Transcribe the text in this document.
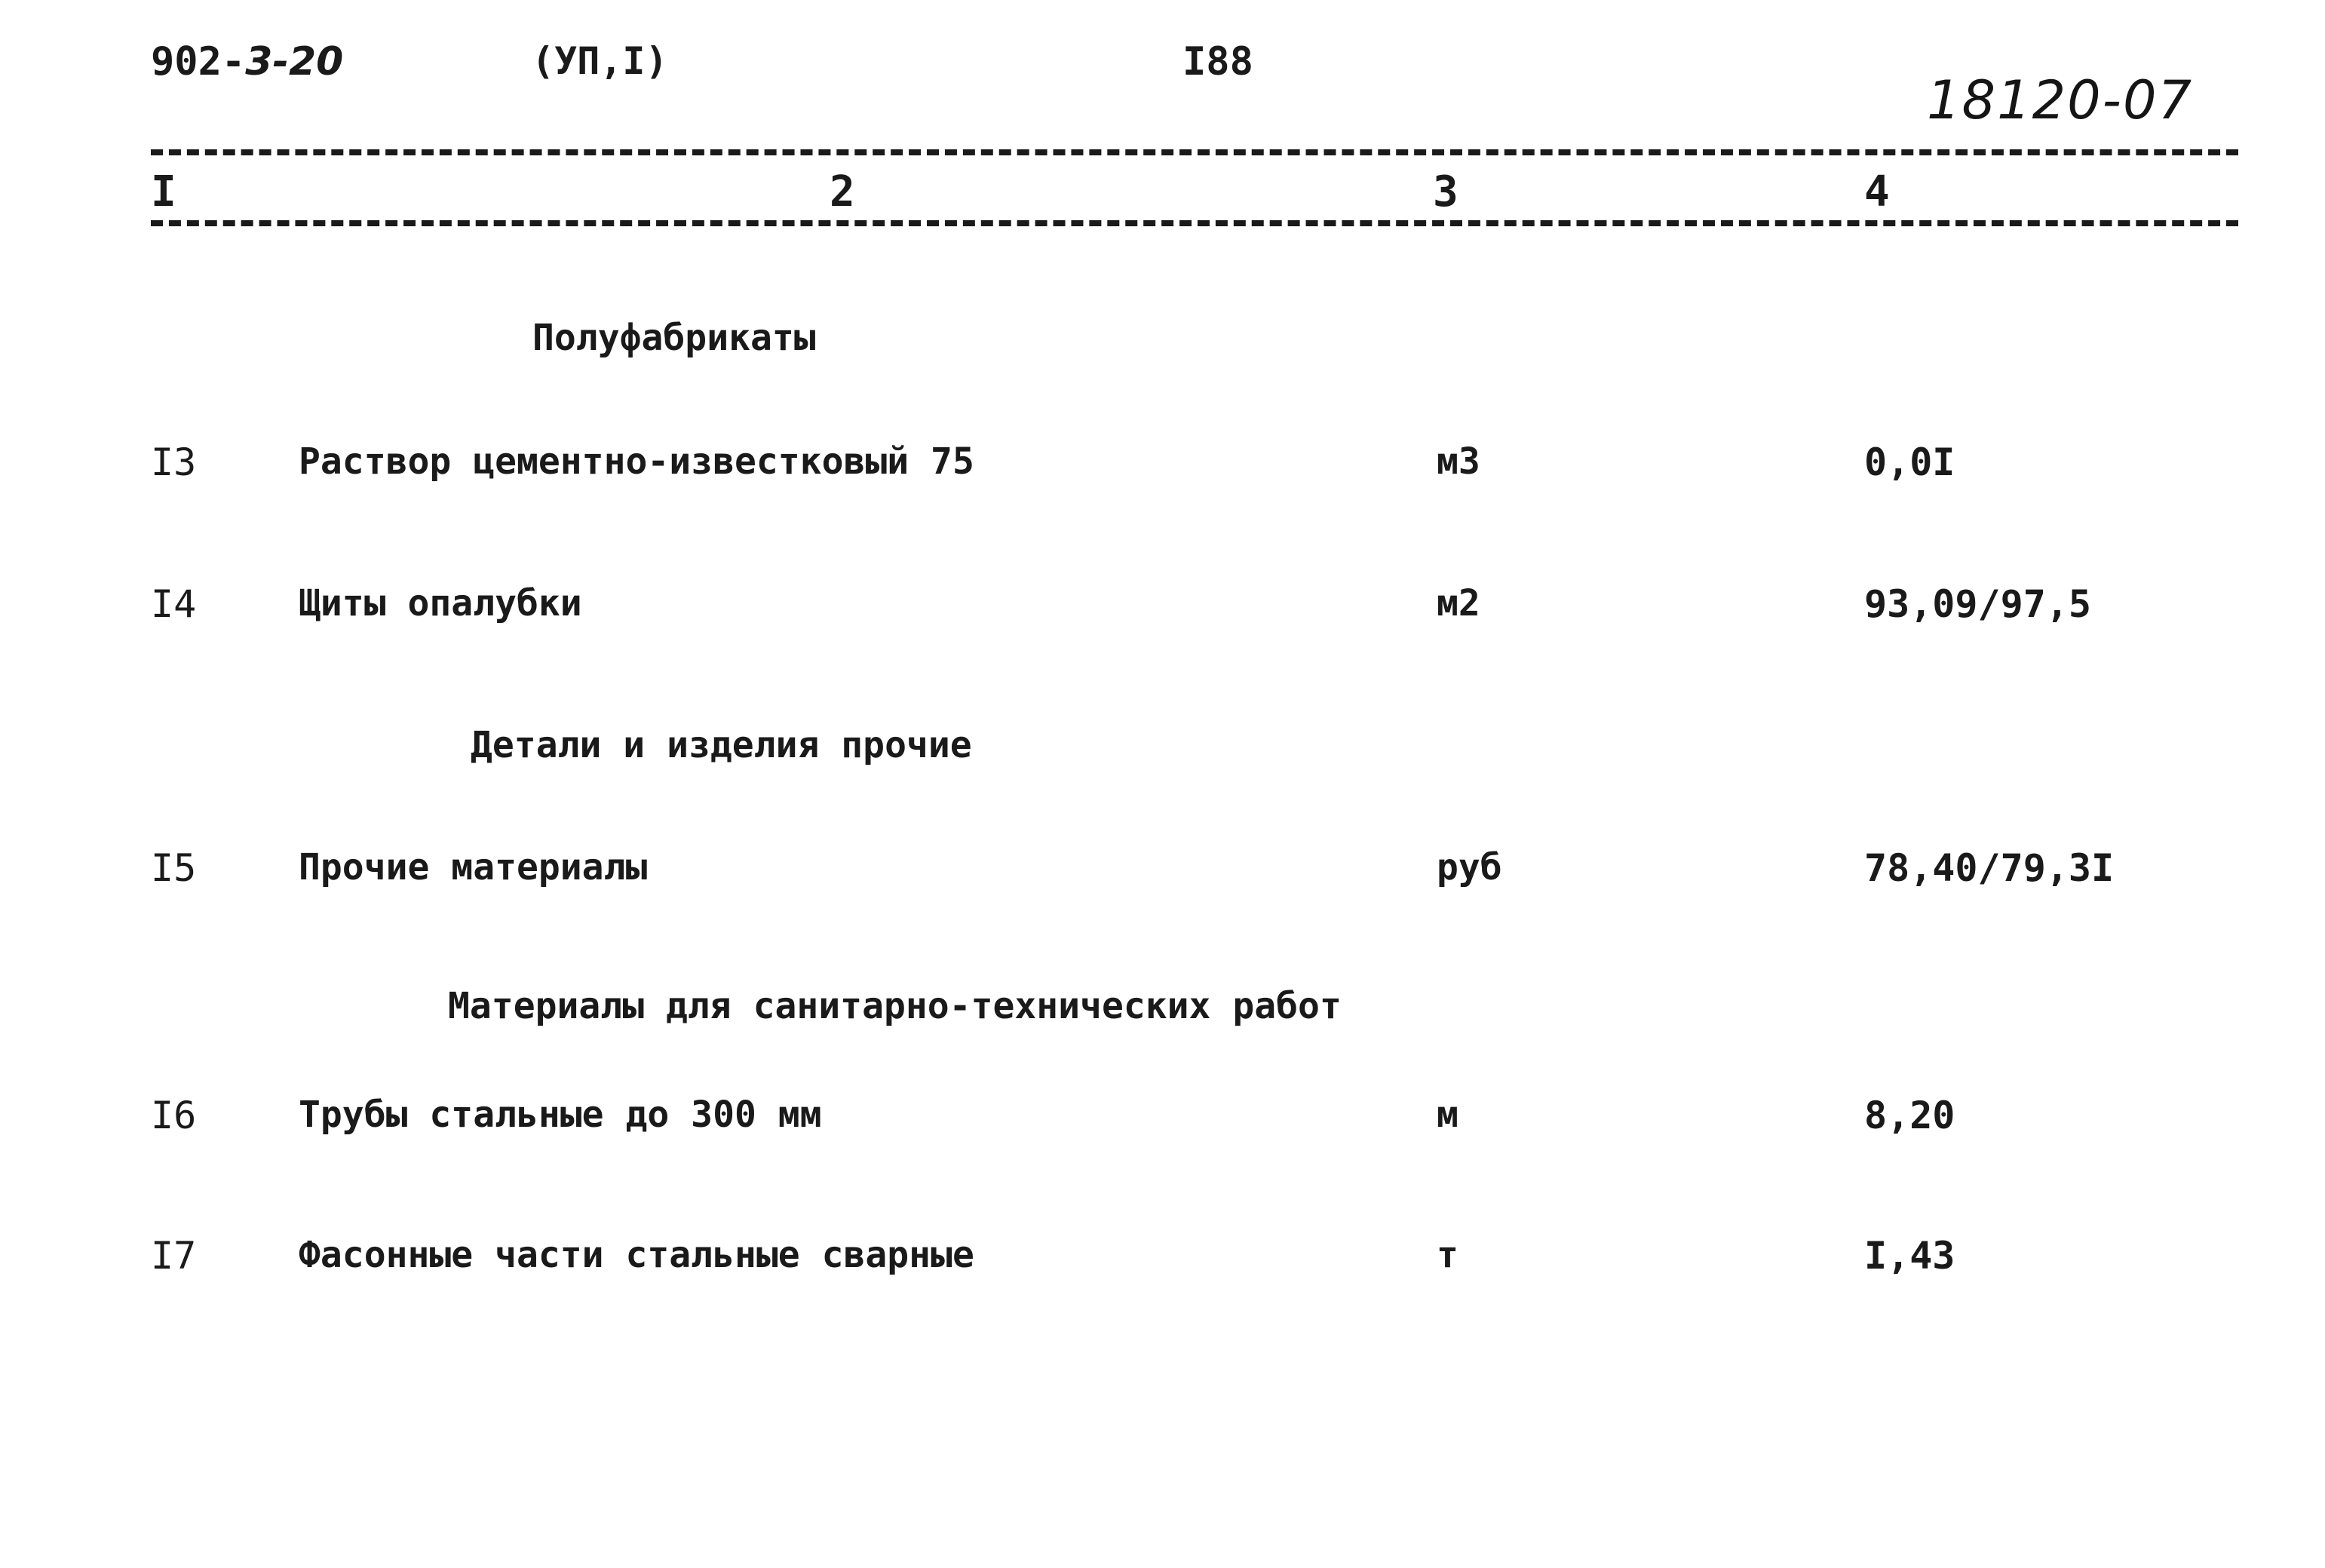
902-3-20	(УП,I)	I88
18120-07
I	2	3	4
Полуфабрикаты
I3	Раствор цементно-известковый 75	м3	0,0I
I4	Щиты опалубки	м2	93,09/97,5
Детали и изделия прочие
I5	Прочие материалы	руб	78,40/79,3I
Материалы для санитарно-технических работ
I6	Трубы стальные до 300 мм	м	8,20
I7	Фасонные части стальные сварные	т	I,43
